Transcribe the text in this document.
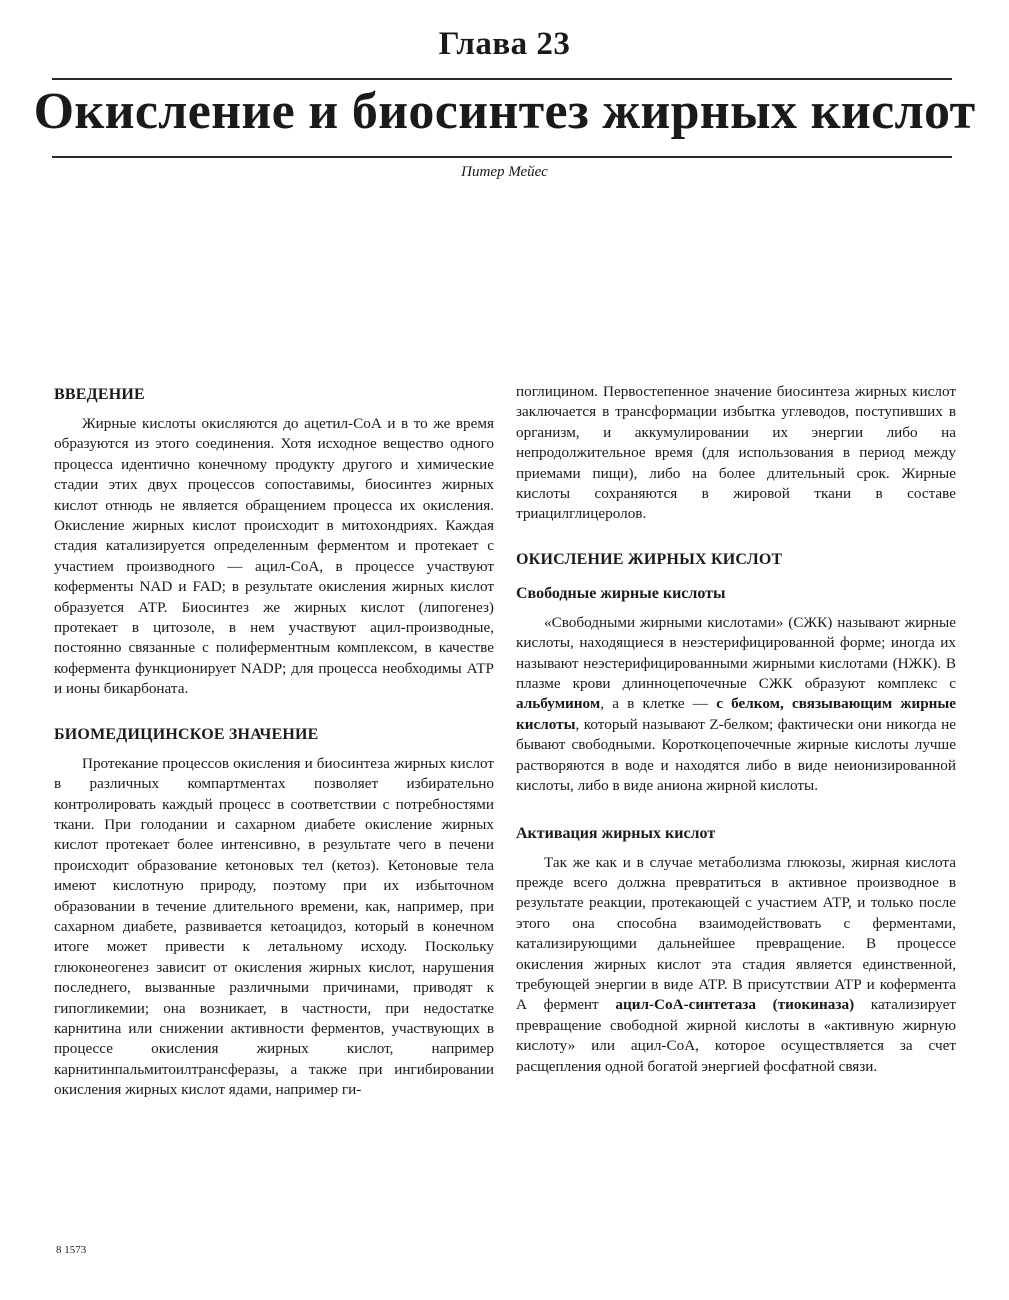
Глава 23
Окисление и биосинтез жирных кислот
Питер Мейес
ВВЕДЕНИЕ

Жирные кислоты окисляются до ацетил-СоА и в то же время образуются из этого соединения. Хотя исходное вещество одного процесса идентично конечному продукту другого и химические стадии этих двух процессов сопоставимы, биосинтез жирных кислот отнюдь не является обращением процесса их окисления. Окисление жирных кислот происходит в митохондриях. Каждая стадия катализируется определенным ферментом и протекает с участием производного — ацил-СоА, в процессе участвуют коферменты NAD и FAD; в результате окисления жирных кислот образуется АТР. Биосинтез же жирных кислот (липогенез) протекает в цитозоле, в нем участвуют ацил-производные, постоянно связанные с полиферментным комплексом, в качестве кофермента функционирует NADP; для процесса необходимы АТР и ионы бикарбоната.

БИОМЕДИЦИНСКОЕ ЗНАЧЕНИЕ

Протекание процессов окисления и биосинтеза жирных кислот в различных компартментах позволяет избирательно контролировать каждый процесс в соответствии с потребностями ткани. При голодании и сахарном диабете окисление жирных кислот протекает более интенсивно, в результате чего в печени происходит образование кетоновых тел (кетоз). Кетоновые тела имеют кислотную природу, поэтому при их избыточном образовании в течение длительного времени, как, например, при сахарном диабете, развивается кетоацидоз, который в конечном итоге может привести к летальному исходу. Поскольку глюконеогенез зависит от окисления жирных кислот, нарушения последнего, вызванные различными причинами, приводят к гипогликемии; она возникает, в частности, при недостатке карнитина или снижении активности ферментов, участвующих в процессе окисления жирных кислот, например карнитинпальмитоилтрансферазы, а также при ингибировании окисления жирных кислот ядами, например ги-

поглицином. Первостепенное значение биосинтеза жирных кислот заключается в трансформации избытка углеводов, поступивших в организм, и аккумулировании их энергии либо на непродолжительное время (для использования в период между приемами пищи), либо на более длительный срок. Жирные кислоты сохраняются в жировой ткани в составе триацилглицеролов.

ОКИСЛЕНИЕ ЖИРНЫХ КИСЛОТ
Свободные жирные кислоты

«Свободными жирными кислотами» (СЖК) называют жирные кислоты, находящиеся в неэстерифицированной форме; иногда их называют неэстерифицированными жирными кислотами (НЖК). В плазме крови длинноцепочечные СЖК образуют комплекс с альбумином, а в клетке — с белком, связывающим жирные кислоты, который называют Z-белком; фактически они никогда не бывают свободными. Короткоцепочечные жирные кислоты лучше растворяются в воде и находятся либо в виде неионизированной кислоты, либо в виде аниона жирной кислоты.

Активация жирных кислот

Так же как и в случае метаболизма глюкозы, жирная кислота прежде всего должна превратиться в активное производное в результате реакции, протекающей с участием АТР, и только после этого она способна взаимодействовать с ферментами, катализирующими дальнейшее превращение. В процессе окисления жирных кислот эта стадия является единственной, требующей энергии в виде АТР. В присутствии АТР и кофермента А фермент ацил-СоА-синтетаза (тиокиназа) катализирует превращение свободной жирной кислоты в «активную жирную кислоту» или ацил-СоА, которое осуществляется за счет расщепления одной богатой энергией фосфатной связи.

8 1573
